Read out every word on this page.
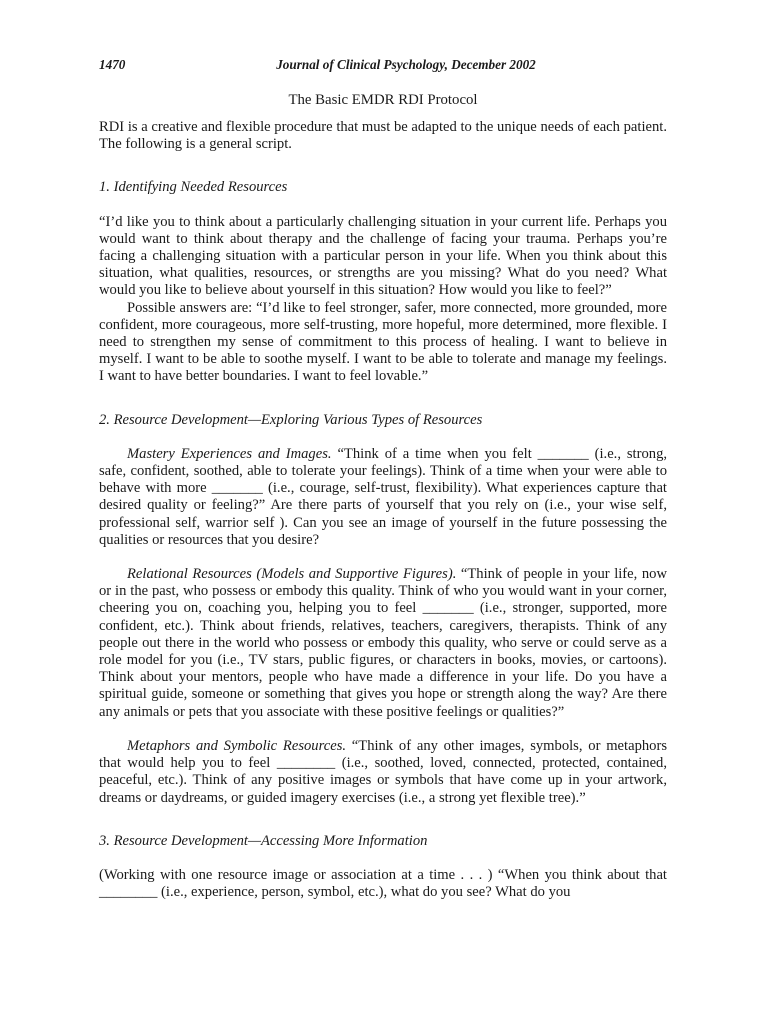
1470	Journal of Clinical Psychology, December 2002
The Basic EMDR RDI Protocol

RDI is a creative and flexible procedure that must be adapted to the unique needs of each patient. The following is a general script.

1. Identifying Needed Resources

“I’d like you to think about a particularly challenging situation in your current life. Perhaps you would want to think about therapy and the challenge of facing your trauma. Perhaps you’re facing a challenging situation with a particular person in your life. When you think about this situation, what qualities, resources, or strengths are you missing? What do you need? What would you like to believe about yourself in this situation? How would you like to feel?”

Possible answers are: “I’d like to feel stronger, safer, more connected, more grounded, more confident, more courageous, more self-trusting, more hopeful, more determined, more flexible. I need to strengthen my sense of commitment to this process of healing. I want to believe in myself. I want to be able to soothe myself. I want to be able to tolerate and manage my feelings. I want to have better boundaries. I want to feel lovable.”

2. Resource Development—Exploring Various Types of Resources

Mastery Experiences and Images. “Think of a time when you felt _______ (i.e., strong, safe, confident, soothed, able to tolerate your feelings). Think of a time when your were able to behave with more _______ (i.e., courage, self-trust, flexibility). What experiences capture that desired quality or feeling?” Are there parts of yourself that you rely on (i.e., your wise self, professional self, warrior self ). Can you see an image of yourself in the future possessing the qualities or resources that you desire?

Relational Resources (Models and Supportive Figures). “Think of people in your life, now or in the past, who possess or embody this quality. Think of who you would want in your corner, cheering you on, coaching you, helping you to feel _______ (i.e., stronger, supported, more confident, etc.). Think about friends, relatives, teachers, caregivers, therapists. Think of any people out there in the world who possess or embody this quality, who serve or could serve as a role model for you (i.e., TV stars, public figures, or characters in books, movies, or cartoons). Think about your mentors, people who have made a difference in your life. Do you have a spiritual guide, someone or something that gives you hope or strength along the way? Are there any animals or pets that you associate with these positive feelings or qualities?”

Metaphors and Symbolic Resources. “Think of any other images, symbols, or metaphors that would help you to feel ________ (i.e., soothed, loved, connected, protected, contained, peaceful, etc.). Think of any positive images or symbols that have come up in your artwork, dreams or daydreams, or guided imagery exercises (i.e., a strong yet flexible tree).”

3. Resource Development—Accessing More Information

(Working with one resource image or association at a time . . . ) “When you think about that ________ (i.e., experience, person, symbol, etc.), what do you see? What do you
